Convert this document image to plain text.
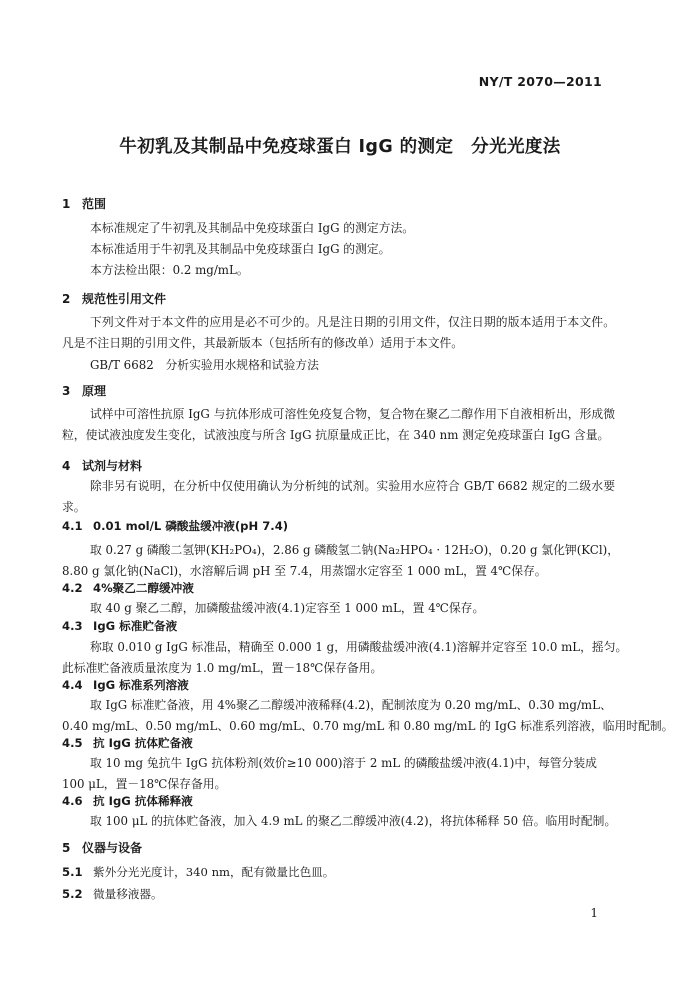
NY/T 2070—2011
牛初乳及其制品中免疫球蛋白 IgG 的测定　分光光度法
1 范围
本标准规定了牛初乳及其制品中免疫球蛋白 IgG 的测定方法。
本标准适用于牛初乳及其制品中免疫球蛋白 IgG 的测定。
本方法检出限：0.2 mg/mL。
2 规范性引用文件
下列文件对于本文件的应用是必不可少的。凡是注日期的引用文件，仅注日期的版本适用于本文件。凡是不注日期的引用文件，其最新版本（包括所有的修改单）适用于本文件。
GB/T 6682　分析实验用水规格和试验方法
3 原理
试样中可溶性抗原 IgG 与抗体形成可溶性免疫复合物，复合物在聚乙二醇作用下自液相析出，形成微粒，使试液浊度发生变化，试液浊度与所含 IgG 抗原量成正比，在 340 nm 测定免疫球蛋白 IgG 含量。
4 试剂与材料
除非另有说明，在分析中仅使用确认为分析纯的试剂。实验用水应符合 GB/T 6682 规定的二级水要求。
4.1 0.01 mol/L 磷酸盐缓冲液(pH 7.4)
取 0.27 g 磷酸二氢钾(KH₂PO₄)，2.86 g 磷酸氢二钠(Na₂HPO₄ · 12H₂O)，0.20 g 氯化钾(KCl)，
8.80 g 氯化钠(NaCl)，水溶解后调 pH 至 7.4，用蒸馏水定容至 1 000 mL，置 4℃保存。
4.2 4%聚乙二醇缓冲液
取 40 g 聚乙二醇，加磷酸盐缓冲液(4.1)定容至 1 000 mL，置 4℃保存。
4.3 IgG 标准贮备液
称取 0.010 g IgG 标准品，精确至 0.000 1 g，用磷酸盐缓冲液(4.1)溶解并定容至 10.0 mL，摇匀。
此标准贮备液质量浓度为 1.0 mg/mL，置－18℃保存备用。
4.4 IgG 标准系列溶液
取 IgG 标准贮备液，用 4%聚乙二醇缓冲液稀释(4.2)，配制浓度为 0.20 mg/mL、0.30 mg/mL、
0.40 mg/mL、0.50 mg/mL、0.60 mg/mL、0.70 mg/mL 和 0.80 mg/mL 的 IgG 标准系列溶液，临用时配制。
4.5 抗 IgG 抗体贮备液
取 10 mg 兔抗牛 IgG 抗体粉剂(效价≥10 000)溶于 2 mL 的磷酸盐缓冲液(4.1)中，每管分装成
100 μL，置－18℃保存备用。
4.6 抗 IgG 抗体稀释液
取 100 μL 的抗体贮备液，加入 4.9 mL 的聚乙二醇缓冲液(4.2)，将抗体稀释 50 倍。临用时配制。
5 仪器与设备
5.1 紫外分光光度计，340 nm，配有微量比色皿。
5.2 微量移液器。
1
